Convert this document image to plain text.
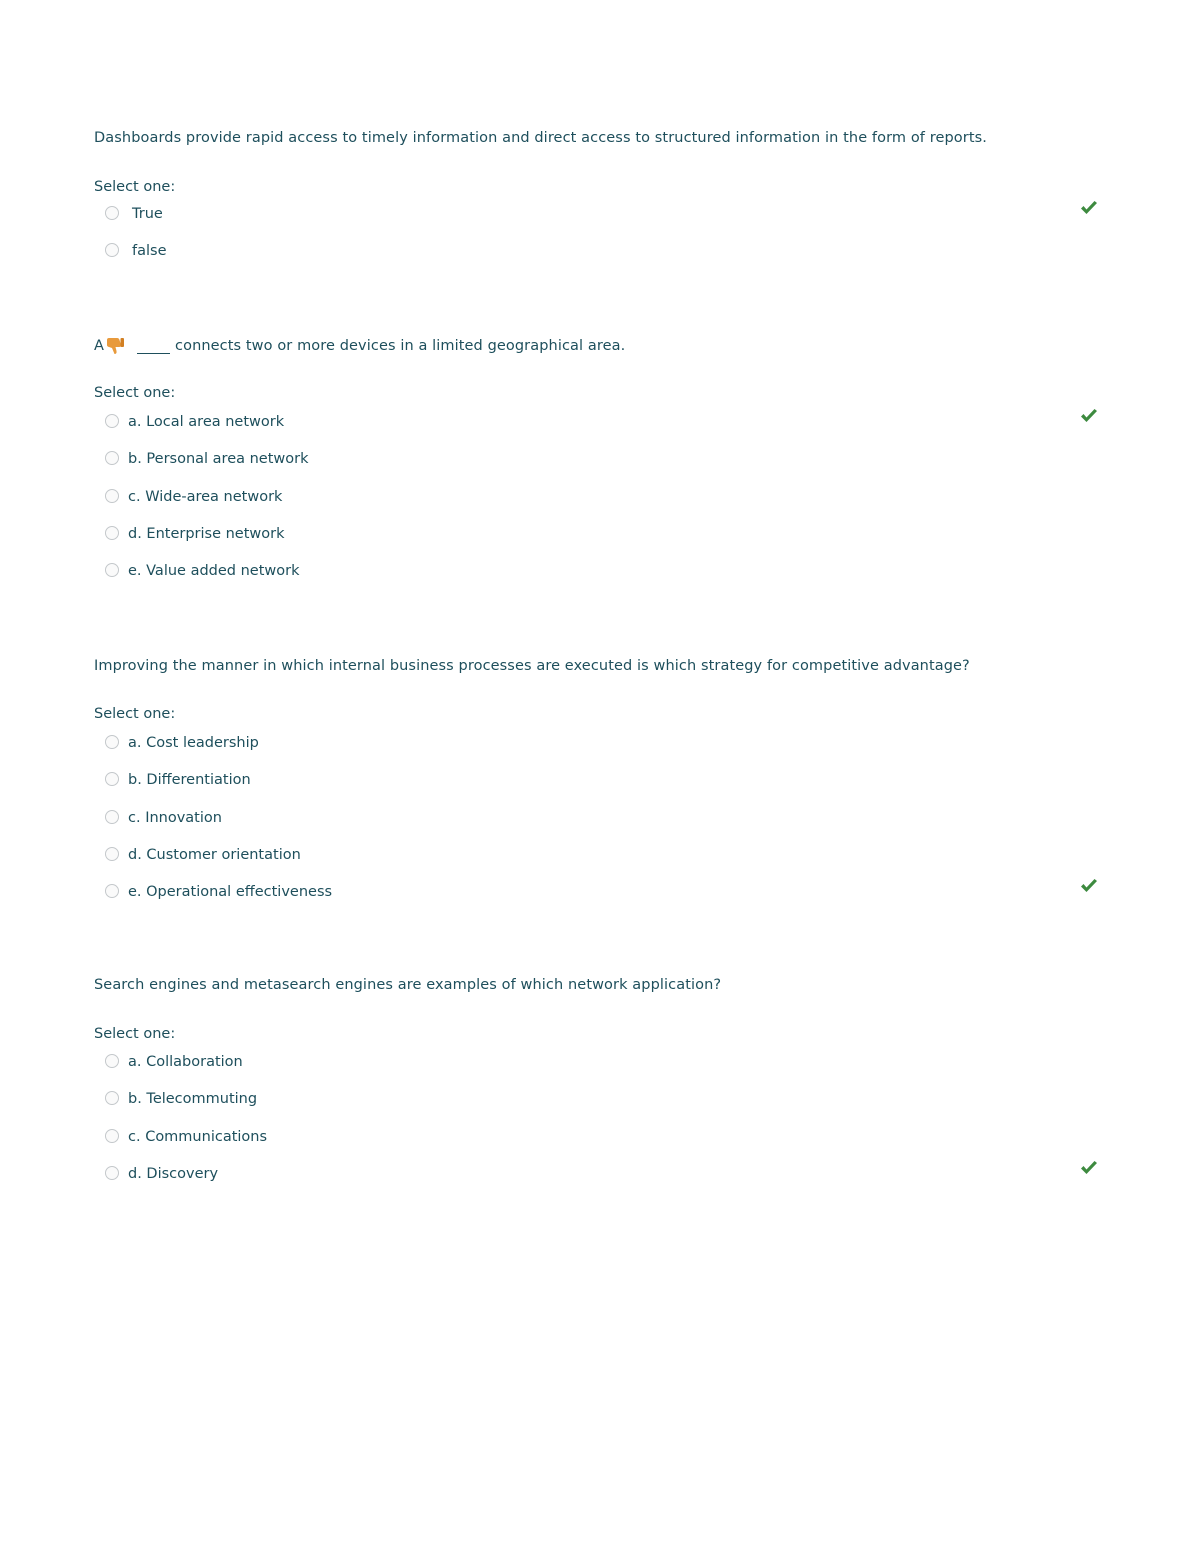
Dashboards provide rapid access to timely information and direct access to structured information in the form of reports.
Select one:
True
false
A	connects two or more devices in a limited geographical area.
Select one:
a. Local area network
b. Personal area network
c. Wide-area network
d. Enterprise network
e. Value added network
Improving the manner in which internal business processes are executed is which strategy for competitive advantage?
Select one:
a. Cost leadership
b. Differentiation
c. Innovation
d. Customer orientation
e. Operational effectiveness
Search engines and metasearch engines are examples of which network application?
Select one:
a. Collaboration
b. Telecommuting
c. Communications
d. Discovery
